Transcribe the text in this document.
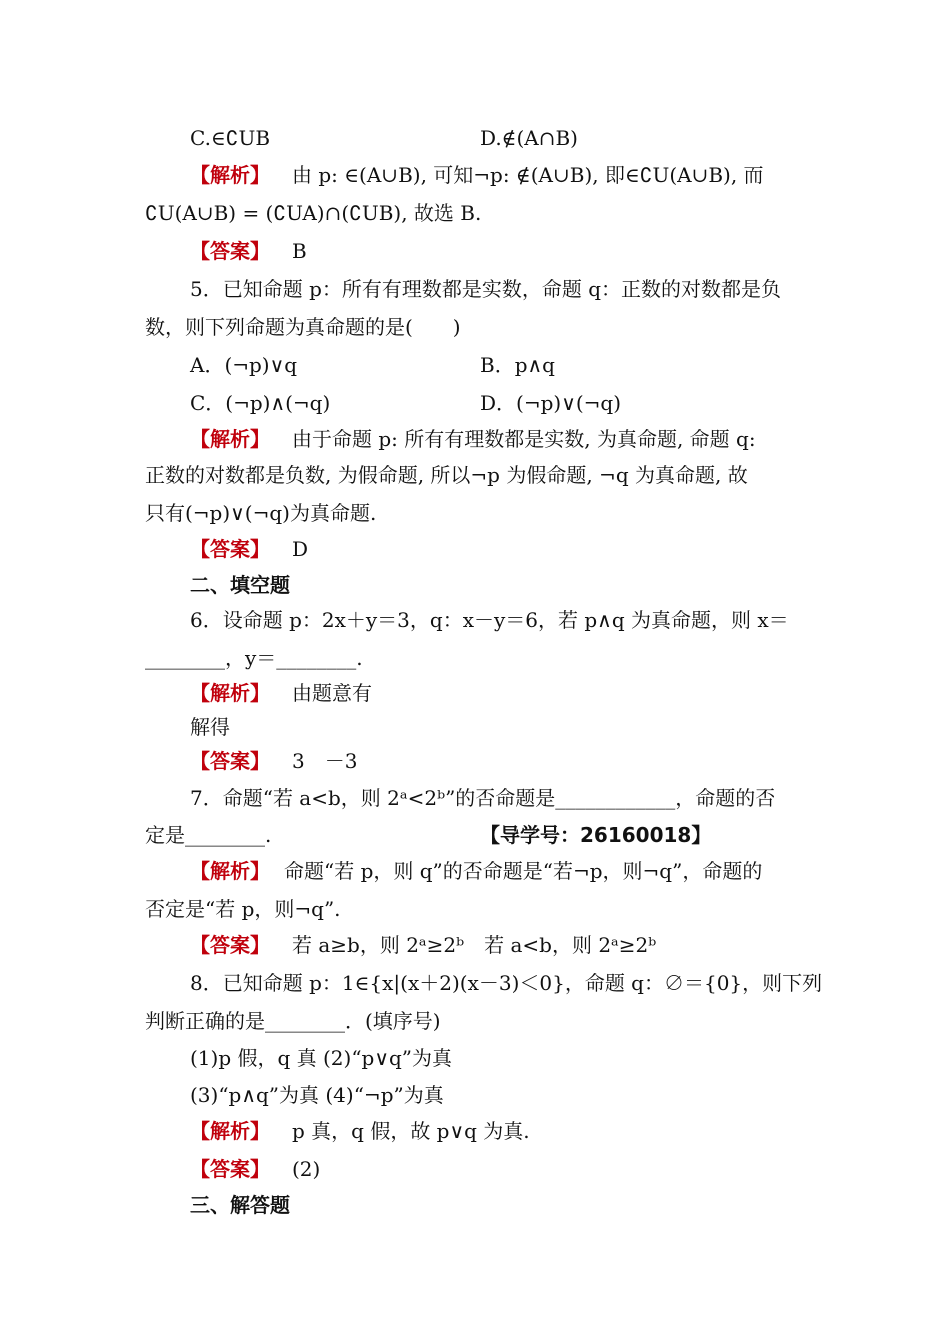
C.∈∁UB	D.∉(A∩B)
【解析】 由 p: ∈(A∪B), 可知¬p: ∉(A∪B), 即∈∁U(A∪B), 而
∁U(A∪B) = (∁UA)∩(∁UB), 故选 B.
【答案】 B
5．已知命题 p：所有有理数都是实数，命题 q：正数的对数都是负
数，则下列命题为真命题的是(　　)
A．(¬p)∨q	B．p∧q
C．(¬p)∧(¬q)	D．(¬p)∨(¬q)
【解析】 由于命题 p: 所有有理数都是实数, 为真命题, 命题 q:
正数的对数都是负数, 为假命题, 所以¬p 为假命题, ¬q 为真命题, 故
只有(¬p)∨(¬q)为真命题.
【答案】 D
二、填空题
6．设命题 p：2x＋y＝3，q：x－y＝6，若 p∧q 为真命题，则 x＝
________，y＝________.
【解析】 由题意有
解得
【答案】 3　－3
7．命题“若 a<b，则 2ᵃ<2ᵇ”的否命题是____________，命题的否
定是________.	【导学号：26160018】
【解析】 命题“若 p，则 q”的否命题是“若¬p，则¬q”，命题的
否定是“若 p，则¬q”.
【答案】 若 a≥b，则 2ᵃ≥2ᵇ　若 a<b，则 2ᵃ≥2ᵇ
8．已知命题 p：1∈{x|(x＋2)(x－3)＜0}，命题 q：∅＝{0}，则下列
判断正确的是________．(填序号)
(1)p 假，q 真 (2)“p∨q”为真
(3)“p∧q”为真 (4)“¬p”为真
【解析】 p 真，q 假，故 p∨q 为真.
【答案】 (2)
三、解答题
